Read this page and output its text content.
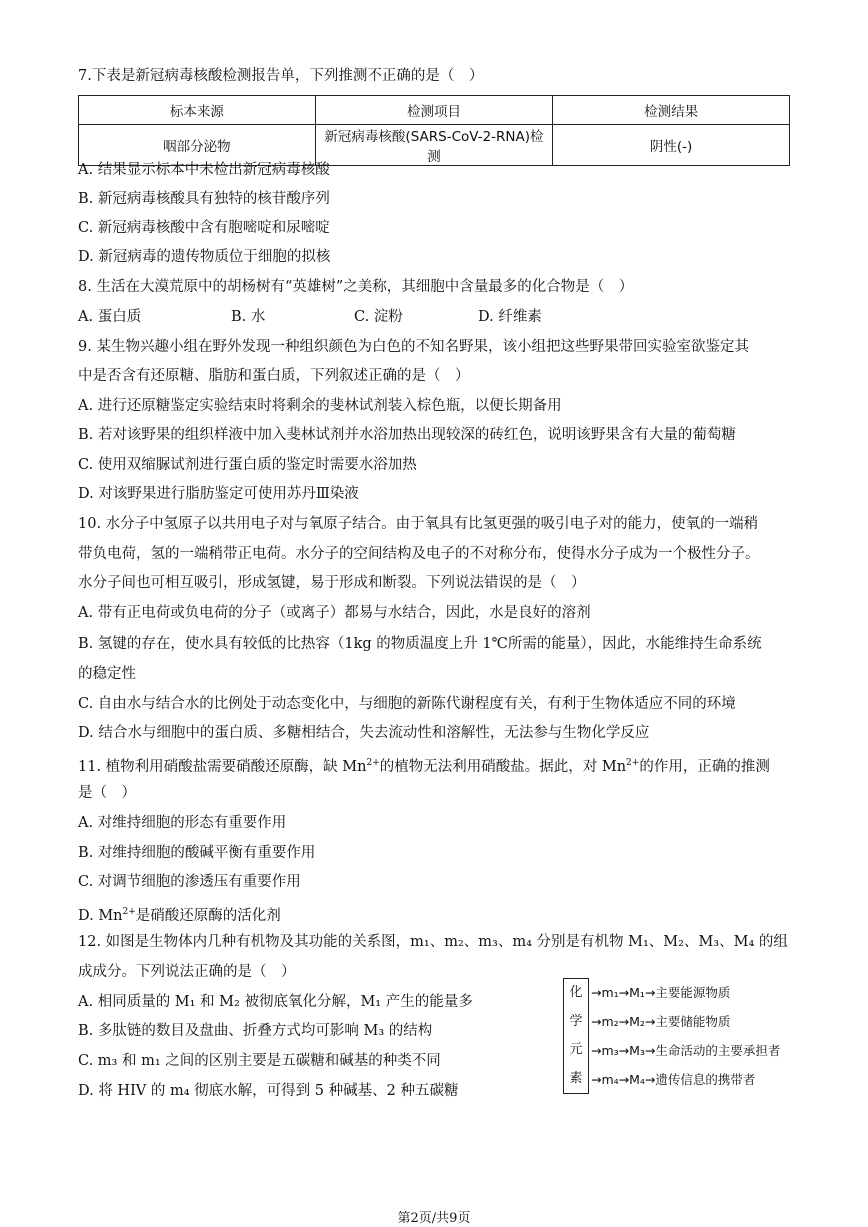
7.下表是新冠病毒核酸检测报告单，下列推测不正确的是（　）
标本来源	检测项目	检测结果
咽部分泌物	新冠病毒核酸(SARS-CoV-2-RNA)检测	阴性(-)
A. 结果显示标本中未检出新冠病毒核酸
B. 新冠病毒核酸具有独特的核苷酸序列
C. 新冠病毒核酸中含有胞嘧啶和尿嘧啶
D. 新冠病毒的遗传物质位于细胞的拟核
8. 生活在大漠荒原中的胡杨树有“英雄树”之美称，其细胞中含量最多的化合物是（　）
A. 蛋白质	B. 水	C. 淀粉	D. 纤维素
9. 某生物兴趣小组在野外发现一种组织颜色为白色的不知名野果，该小组把这些野果带回实验室欲鉴定其
中是否含有还原糖、脂肪和蛋白质，下列叙述正确的是（　）
A. 进行还原糖鉴定实验结束时将剩余的斐林试剂装入棕色瓶，以便长期备用
B. 若对该野果的组织样液中加入斐林试剂并水浴加热出现较深的砖红色，说明该野果含有大量的葡萄糖
C. 使用双缩脲试剂进行蛋白质的鉴定时需要水浴加热
D. 对该野果进行脂肪鉴定可使用苏丹Ⅲ染液
10. 水分子中氢原子以共用电子对与氧原子结合。由于氧具有比氢更强的吸引电子对的能力，使氧的一端稍
带负电荷，氢的一端稍带正电荷。水分子的空间结构及电子的不对称分布，使得水分子成为一个极性分子。
水分子间也可相互吸引，形成氢键，易于形成和断裂。下列说法错误的是（　）
A. 带有正电荷或负电荷的分子（或离子）都易与水结合，因此，水是良好的溶剂
B. 氢键的存在，使水具有较低的比热容（1kg 的物质温度上升 1℃所需的能量），因此，水能维持生命系统
的稳定性
C. 自由水与结合水的比例处于动态变化中，与细胞的新陈代谢程度有关，有利于生物体适应不同的环境
D. 结合水与细胞中的蛋白质、多糖相结合，失去流动性和溶解性，无法参与生物化学反应
11. 植物利用硝酸盐需要硝酸还原酶，缺 $Mn^{2+}$的植物无法利用硝酸盐。据此，对 $Mn^{2+}$的作用，正确的推测
是（　）
A. 对维持细胞的形态有重要作用
B. 对维持细胞的酸碱平衡有重要作用
C. 对调节细胞的渗透压有重要作用
D. $Mn^{2+}$是硝酸还原酶的活化剂
12. 如图是生物体内几种有机物及其功能的关系图，m₁、m₂、m₃、m₄ 分别是有机物 M₁、M₂、M₃、M₄ 的组
成成分。下列说法正确的是（　）
A. 相同质量的 M₁ 和 M₂ 被彻底氧化分解，M₁ 产生的能量多
B. 多肽链的数目及盘曲、折叠方式均可影响 M₃ 的结构
C. m₃ 和 m₁ 之间的区别主要是五碳糖和碱基的种类不同
D. 将 HIV 的 m₄ 彻底水解，可得到 5 种碱基、2 种五碳糖
化
学
元
素
→m₁→M₁→主要能源物质
→m₂→M₂→主要储能物质
→m₃→M₃→生命活动的主要承担者
→m₄→M₄→遗传信息的携带者
第2页/共9页
